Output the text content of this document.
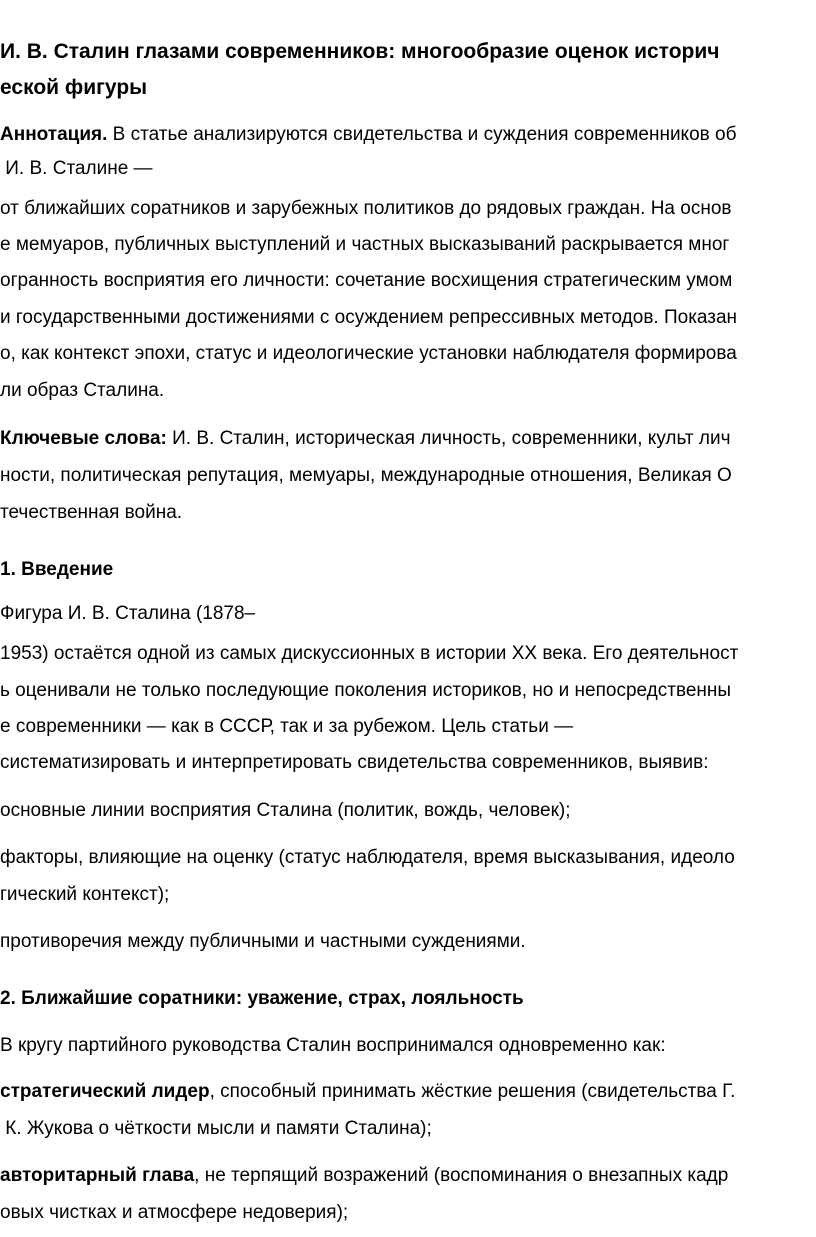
И. В. Сталин глазами современников: многообразие оценок историч
еской фигуры
Аннотация. В статье анализируются свидетельства и суждения современников об
И. В. Сталине —
от ближайших соратников и зарубежных политиков до рядовых граждан. На основ
е мемуаров, публичных выступлений и частных высказываний раскрывается мног
огранность восприятия его личности: сочетание восхищения стратегическим умом
и государственными достижениями с осуждением репрессивных методов. Показан
о, как контекст эпохи, статус и идеологические установки наблюдателя формирова
ли образ Сталина.
Ключевые слова: И. В. Сталин, историческая личность, современники, культ лич
ности, политическая репутация, мемуары, международные отношения, Великая О
течественная война.
1. Введение
Фигура И. В. Сталина (1878–
1953) остаётся одной из самых дискуссионных в истории XX века. Его деятельност
ь оценивали не только последующие поколения историков, но и непосредственны
е современники — как в СССР, так и за рубежом. Цель статьи —
систематизировать и интерпретировать свидетельства современников, выявив:
основные линии восприятия Сталина (политик, вождь, человек);
факторы, влияющие на оценку (статус наблюдателя, время высказывания, идеоло
гический контекст);
противоречия между публичными и частными суждениями.
2. Ближайшие соратники: уважение, страх, лояльность
В кругу партийного руководства Сталин воспринимался одновременно как:
стратегический лидер, способный принимать жёсткие решения (свидетельства Г.
К. Жукова о чёткости мысли и памяти Сталина);
авторитарный глава, не терпящий возражений (воспоминания о внезапных кадр
овых чистках и атмосфере недоверия);
